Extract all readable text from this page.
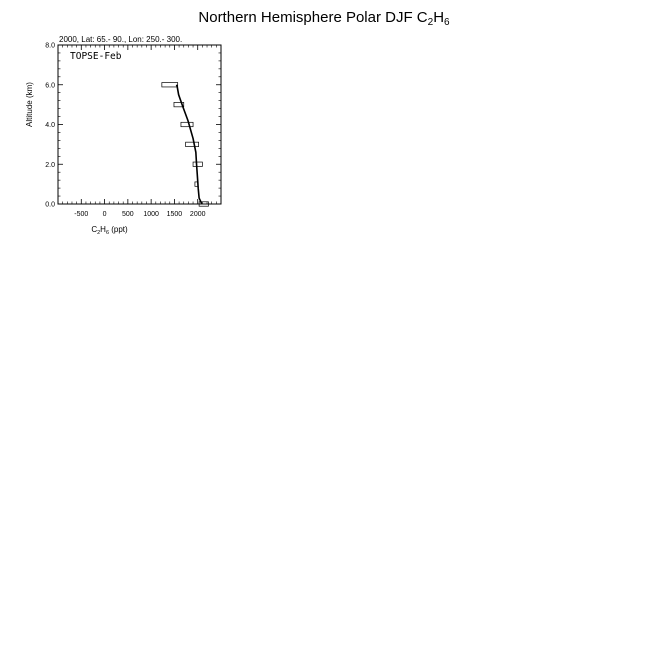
Northern Hemisphere Polar DJF $C_2H_6$
-500 0 500 1000 1500 2000
0.0
2.0
4.0
6.0
8.0
2000, Lat: 65.- 90., Lon: 250.- 300.
TOPSE-Feb
$C_2H_6$ (ppt)
Altitude (km)
